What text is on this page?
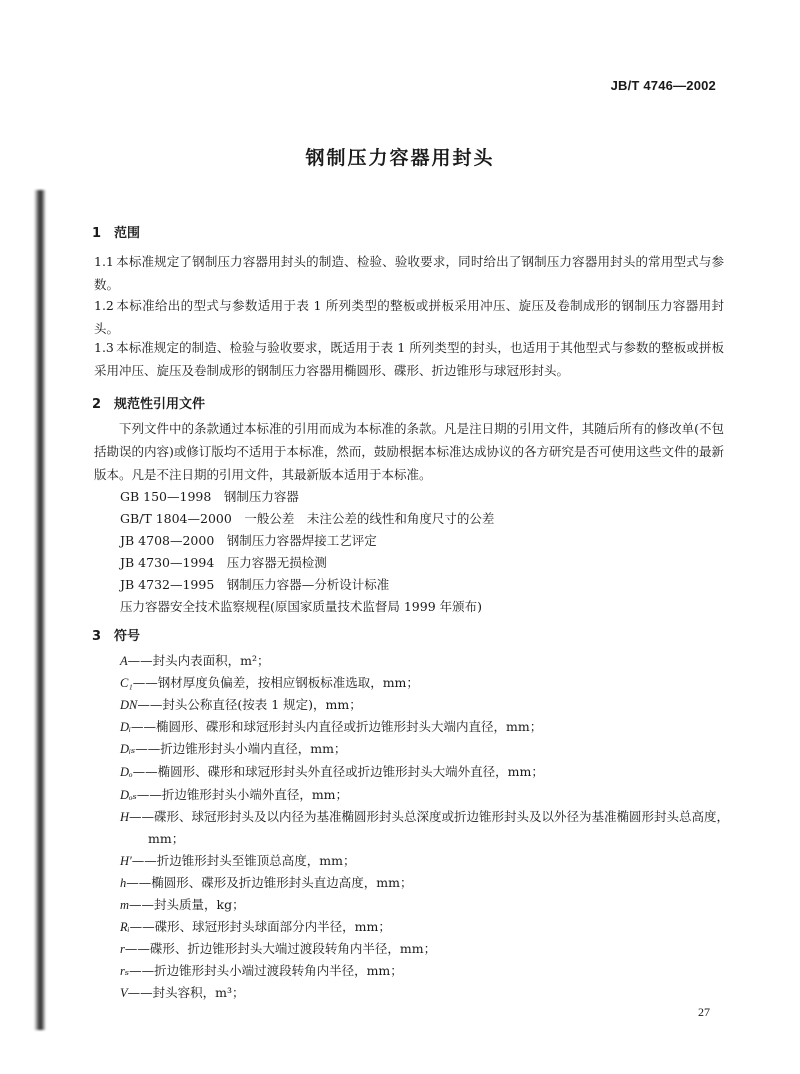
JB/T 4746—2002
钢制压力容器用封头
1 范围
1.1 本标准规定了钢制压力容器用封头的制造、检验、验收要求，同时给出了钢制压力容器用封头的常用型式与参数。
1.2 本标准给出的型式与参数适用于表 1 所列类型的整板或拼板采用冲压、旋压及卷制成形的钢制压力容器用封头。
1.3 本标准规定的制造、检验与验收要求，既适用于表 1 所列类型的封头，也适用于其他型式与参数的整板或拼板采用冲压、旋压及卷制成形的钢制压力容器用椭圆形、碟形、折边锥形与球冠形封头。
2 规范性引用文件
下列文件中的条款通过本标准的引用而成为本标准的条款。凡是注日期的引用文件，其随后所有的修改单(不包括勘误的内容)或修订版均不适用于本标准，然而，鼓励根据本标准达成协议的各方研究是否可使用这些文件的最新版本。凡是不注日期的引用文件，其最新版本适用于本标准。
GB 150—1998　钢制压力容器
GB/T 1804—2000　一般公差　未注公差的线性和角度尺寸的公差
JB 4708—2000　钢制压力容器焊接工艺评定
JB 4730—1994　压力容器无损检测
JB 4732—1995　钢制压力容器—分析设计标准
压力容器安全技术监察规程(原国家质量技术监督局 1999 年颁布)
3 符号
A——封头内表面积，m²；
C₁——钢材厚度负偏差，按相应钢板标准选取，mm；
DN——封头公称直径(按表 1 规定)，mm；
Dᵢ——椭圆形、碟形和球冠形封头内直径或折边锥形封头大端内直径，mm；
Dᵢₛ——折边锥形封头小端内直径，mm；
Dₒ——椭圆形、碟形和球冠形封头外直径或折边锥形封头大端外直径，mm；
Dₒₛ——折边锥形封头小端外直径，mm；
H——碟形、球冠形封头及以内径为基准椭圆形封头总深度或折边锥形封头及以外径为基准椭圆形封头总高度，mm；
H′——折边锥形封头至锥顶总高度，mm；
h——椭圆形、碟形及折边锥形封头直边高度，mm；
m——封头质量，kg；
Rᵢ——碟形、球冠形封头球面部分内半径，mm；
r——碟形、折边锥形封头大端过渡段转角内半径，mm；
rₛ——折边锥形封头小端过渡段转角内半径，mm；
V——封头容积，m³；
27
